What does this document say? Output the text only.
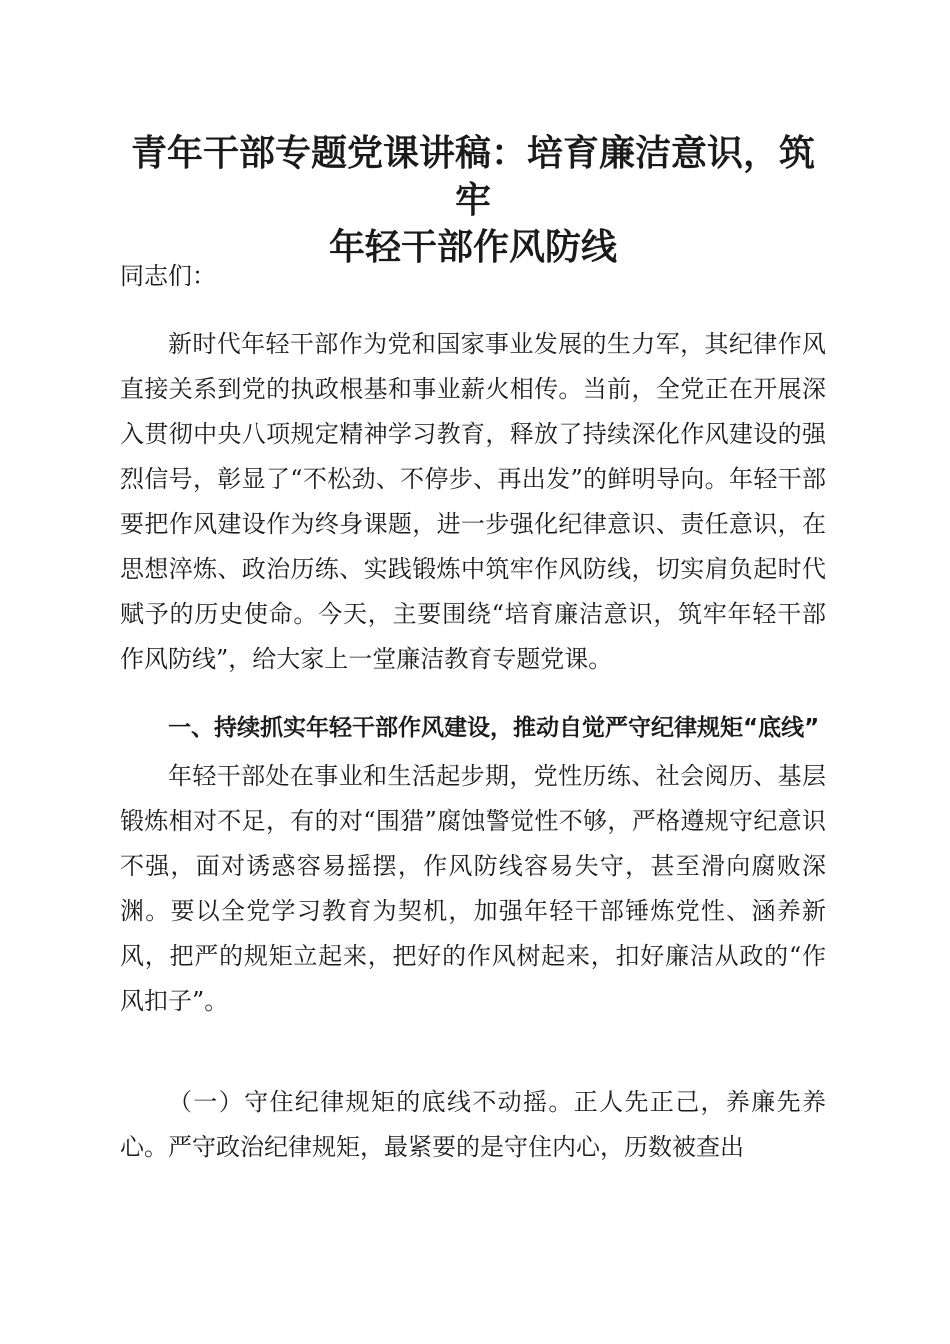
青年干部专题党课讲稿：培育廉洁意识，筑牢
年轻干部作风防线

同志们：

新时代年轻干部作为党和国家事业发展的生力军，其纪律作风直接关系到党的执政根基和事业薪火相传。当前，全党正在开展深入贯彻中央八项规定精神学习教育，释放了持续深化作风建设的强烈信号，彰显了“不松劲、不停步、再出发”的鲜明导向。年轻干部要把作风建设作为终身课题，进一步强化纪律意识、责任意识，在思想淬炼、政治历练、实践锻炼中筑牢作风防线，切实肩负起时代赋予的历史使命。今天，主要围绕“培育廉洁意识，筑牢年轻干部作风防线”，给大家上一堂廉洁教育专题党课。

一、持续抓实年轻干部作风建设，推动自觉严守纪律规矩“底线”

年轻干部处在事业和生活起步期，党性历练、社会阅历、基层锻炼相对不足，有的对“围猎”腐蚀警觉性不够，严格遵规守纪意识不强，面对诱惑容易摇摆，作风防线容易失守，甚至滑向腐败深渊。要以全党学习教育为契机，加强年轻干部锤炼党性、涵养新风，把严的规矩立起来，把好的作风树起来，扣好廉洁从政的“作风扣子”。

（一）守住纪律规矩的底线不动摇。正人先正己，养廉先养心。严守政治纪律规矩，最紧要的是守住内心，历数被查出
